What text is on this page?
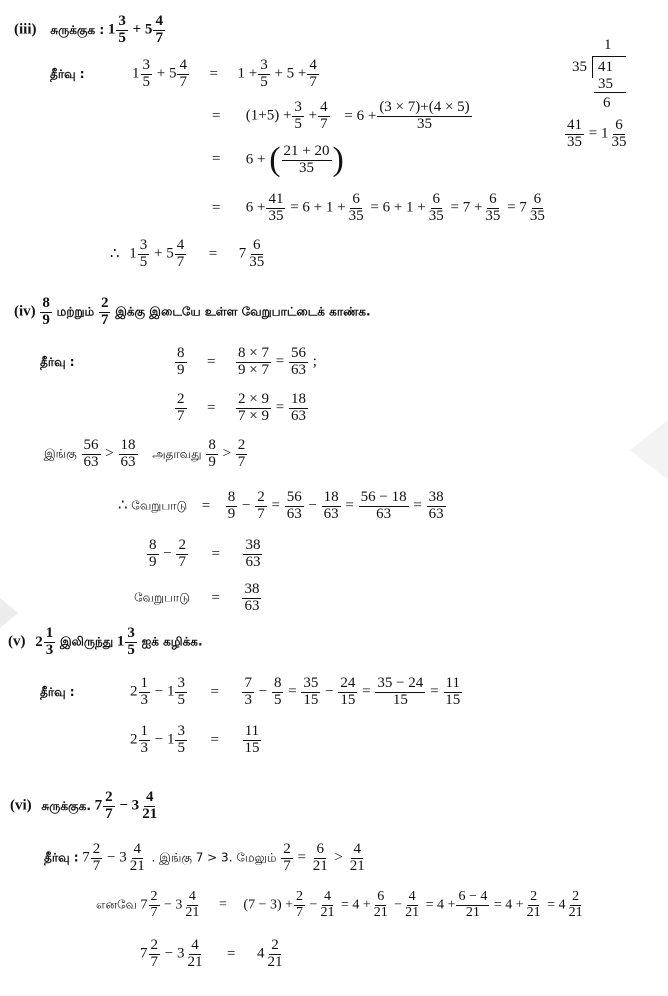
(iii) சுருக்குக : $1 \frac{3}{5} + 5 \frac{4}{7}$
தீர்வு :	$1 \frac{3}{5} + 5 \frac{4}{7} = 1 + \frac{3}{5} + 5 + \frac{4}{7}$
= $(1+5) + \frac{3}{5} + \frac{4}{7} = 6 + \frac{(3 \times 7)+(4 \times 5)}{35}$
= 6 + ( $\frac{21 + 20}{35}$ )
= $6 + \frac{41}{35} = 6 + 1 + \frac{6}{35} = 6 + 1 + \frac{6}{35} = 7 + \frac{6}{35} = 7 \frac{6}{35}$
∴ $1 \frac{3}{5} + 5 \frac{4}{7} = 7 \frac{6}{35}$
1
35 41
35
6
$\frac{41}{35} = 1 \frac{6}{35}$
$(iv) \frac{8}{9}$ மற்றும் $\frac{2}{7}$ இக்கு இடையே உள்ள வேறுபாட்டைக் காண்க.
தீர்வு :	$\frac{8}{9} = \frac{8 \times 7}{9 \times 7} = \frac{56}{63}$ ;
$\frac{2}{7} = \frac{2 \times 9}{7 \times 9} = \frac{18}{63}$
இங்கு $\frac{56}{63} > \frac{18}{63}$ அதாவது $\frac{8}{9} > \frac{2}{7}$
∴ வேறுபாடு = $\frac{8}{9} - \frac{2}{7} = \frac{56}{63} - \frac{18}{63} = \frac{56 - 18}{63} = \frac{38}{63}$
$\frac{8}{9} - \frac{2}{7} = \frac{38}{63}$
வேறுபாடு = $\frac{38}{63}$
(v) $2 \frac{1}{3}$ இலிருந்து $1 \frac{3}{5}$ ஐக் கழிக்க.
தீர்வு :	$2 \frac{1}{3} - 1 \frac{3}{5} = \frac{7}{3} - \frac{8}{5} = \frac{35}{15} - \frac{24}{15} = \frac{35 - 24}{15} = \frac{11}{15}$
$2 \frac{1}{3} - 1 \frac{3}{5} = \frac{11}{15}$
(vi) சுருக்குக. $7 \frac{2}{7} - 3 \frac{4}{21}$
தீர்வு : $7 \frac{2}{7} - 3 \frac{4}{21}$ . இங்கு 7 > 3. மேலும் $\frac{2}{7} = \frac{6}{21} > \frac{4}{21}$
எனவே $7 \frac{2}{7} - 3 \frac{4}{21} = (7 - 3) + \frac{2}{7} - \frac{4}{21} = 4 + \frac{6}{21} - \frac{4}{21} = 4 + \frac{6 - 4}{21} = 4 + \frac{2}{21} = 4 \frac{2}{21}$
$7 \frac{2}{7} - 3 \frac{4}{21} = 4 \frac{2}{21}$
